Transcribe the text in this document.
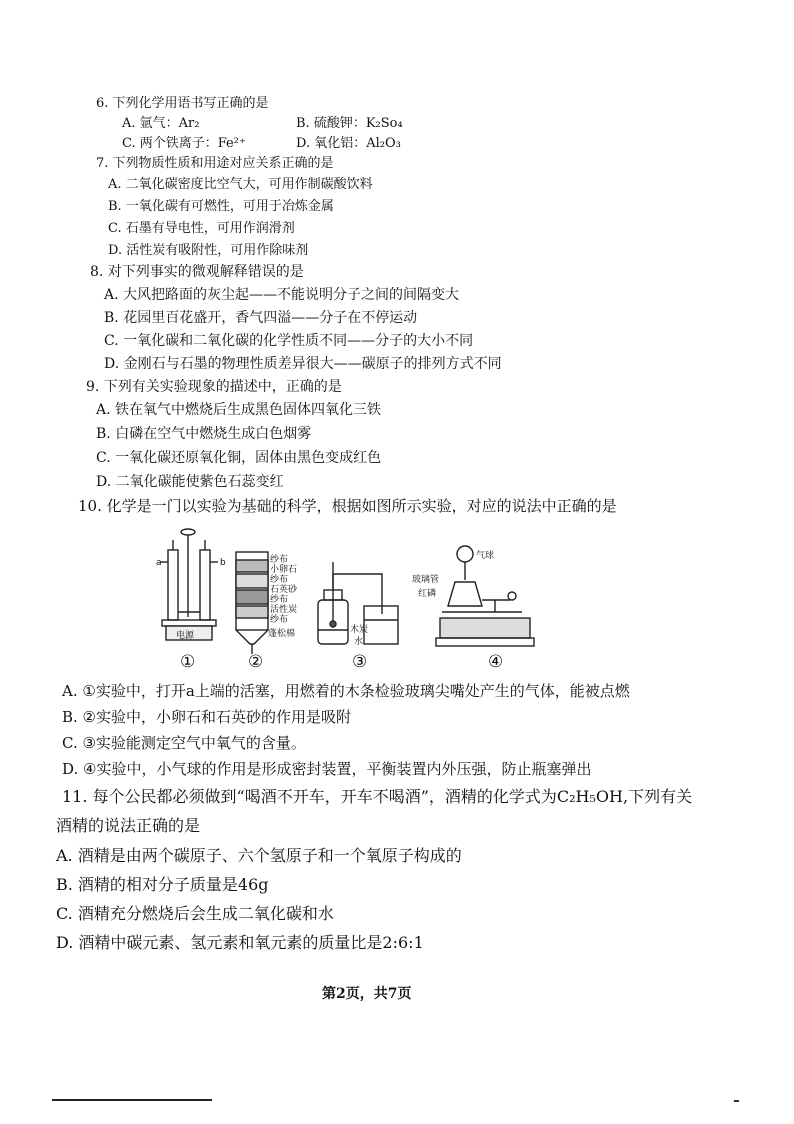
6. 下列化学用语书写正确的是
A. 氩气：Ar₂	B. 硫酸钾：K₂So₄
C. 两个铁离子：Fe²⁺	D. 氧化铝：Al₂O₃
7. 下列物质性质和用途对应关系正确的是
A. 二氧化碳密度比空气大，可用作制碳酸饮料
B. 一氧化碳有可燃性，可用于冶炼金属
C. 石墨有导电性，可用作润滑剂
D. 活性炭有吸附性，可用作除味剂
8. 对下列事实的微观解释错误的是
A. 大风把路面的灰尘起——不能说明分子之间的间隔变大
B. 花园里百花盛开，香气四溢——分子在不停运动
C. 一氧化碳和二氧化碳的化学性质不同——分子的大小不同
D. 金刚石与石墨的物理性质差异很大——碳原子的排列方式不同
9. 下列有关实验现象的描述中，正确的是
A. 铁在氧气中燃烧后生成黑色固体四氧化三铁
B. 白磷在空气中燃烧生成白色烟雾
C. 一氧化碳还原氧化铜，固体由黑色变成红色
D. 二氧化碳能使紫色石蕊变红
10. 化学是一门以实验为基础的科学，根据如图所示实验，对应的说法中正确的是
a	b
电源
纱布
小卵石
纱布
石英砂
纱布
活性炭
纱布
蓬松棉	木炭
水
气球
玻璃管
红磷
①	②	③	④
A. ①实验中，打开a上端的活塞，用燃着的木条检验玻璃尖嘴处产生的气体，能被点燃
B. ②实验中，小卵石和石英砂的作用是吸附
C. ③实验能测定空气中氧气的含量。
D. ④实验中，小气球的作用是形成密封装置，平衡装置内外压强，防止瓶塞弹出
11. 每个公民都必须做到“喝酒不开车，开车不喝酒”，酒精的化学式为C₂H₅OH,下列有关
酒精的说法正确的是
A. 酒精是由两个碳原子、六个氢原子和一个氧原子构成的
B. 酒精的相对分子质量是46g
C. 酒精充分燃烧后会生成二氧化碳和水
D. 酒精中碳元素、氢元素和氧元素的质量比是2:6:1
第2页，共7页
